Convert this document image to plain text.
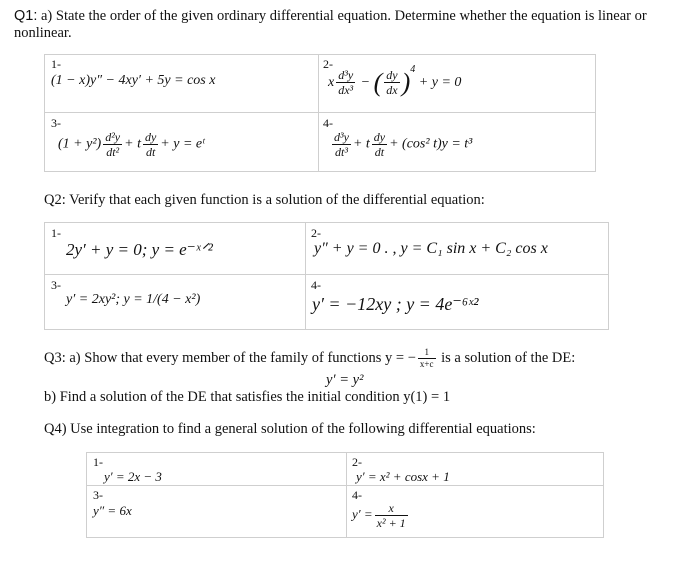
Q1: a) State the order of the given ordinary differential equation. Determine whether the equation is linear or
nonlinear.
1-
(1 − x)y″ − 4xy′ + 5y = cos x
2-
x $\frac{\text{d³y}}{\text{dx³}}$ − ( $\frac{dy}{dx} )^4 + y = 0$
3-
$(1 + y^2) \frac{\text{d²y}}{\text{dt²}} + t \frac{dy}{dt} + y$ = eᵗ
4-
$\frac{\text{d³y}}{\text{dt³}} + t \frac{dy}{dt} + (\cos^2$ t)y = t³
Q2: Verify that each given function is a solution of the differential equation:
1-
2y′ + y = 0; y = e⁻ˣᐟ²
2-
y″ + y = 0 . , y = C₁ sin x + C₂ cos x
3-
y′ = 2xy²; y = 1/(4 − x²)
4-
y′ = −12xy ; y = 4e⁻⁶ˣ²
Q3: a) Show that every member of the family of functions y = − $\frac{1}{x+c}$ is a solution of the DE:
y′ = y²
b) Find a solution of the DE that satisfies the initial condition y(1) = 1
Q4) Use integration to find a general solution of the following differential equations:
1-
y′ = 2x − 3
2-
y′ = x² + cosx + 1
3-
y″ = 6x
4-
$y' = \frac{x}{\text{x² + 1}}$
